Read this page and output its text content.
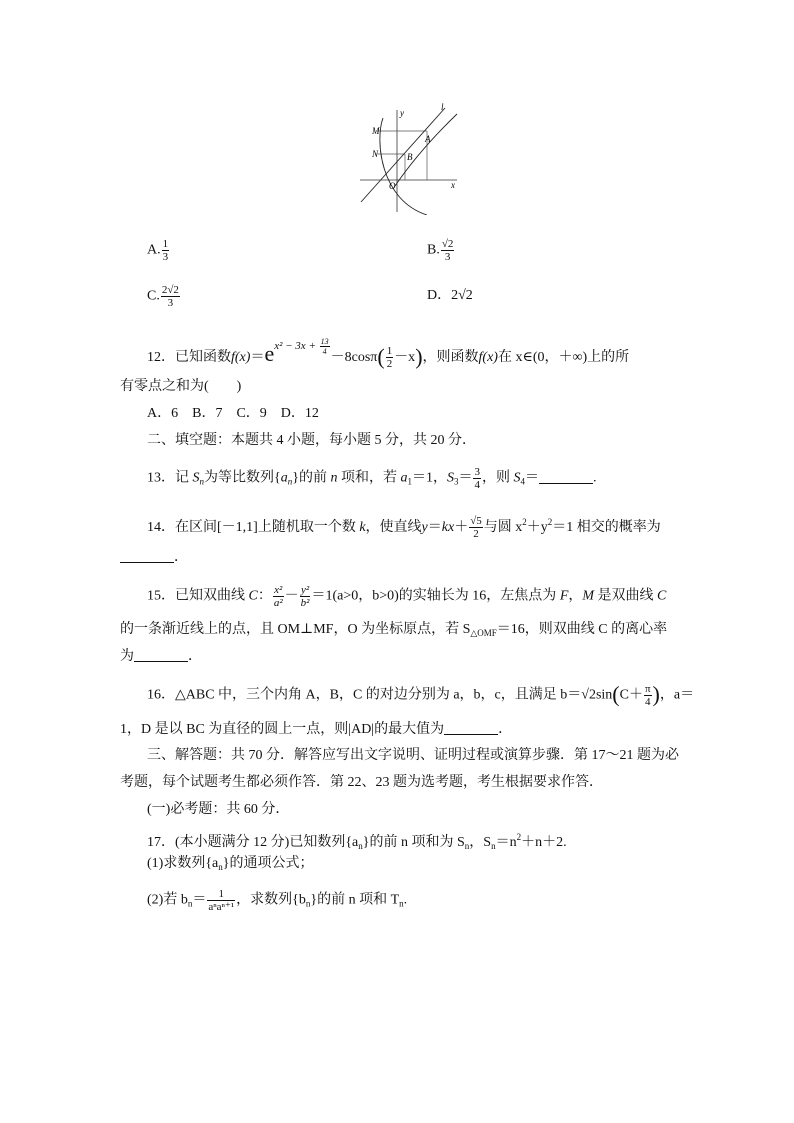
y
l
M
A
N	B
O	x
A. $\frac{1}{3}$	B. $\frac{√2}{3}$
C. $\frac{2√2}{3}$	D．2√2
12．已知函数$f(x)=e^{x^2 - 3x + \frac{13}{4}}$
$-8\cos\pi( \frac{1}{2} -x)$，则函数f(x)在 x∈(0，＋∞)上的所
有零点之和为(　　)
A．6　B．7　C．9　D．12
二、填空题：本题共 4 小题，每小题 5 分，共 20 分．
13．记 $S_n$为等比数列$\{a_n\}$的前 n 项和，若 $a_1=1$，$S_3= \frac{3}{4}$ ，则 $S_4=$	.
14．在区间[－1,1]上随机取一个数 k，使直线$y=kx+ \frac{√5}{2}$ 与圆 $x^2+y^2=1$ 相交的概率为
．
15．已知双曲线 C： $\frac{\text{x²}}{\text{a²}} - \frac{\text{y²}}{\text{b²}} =1(a>0$，b>0)的实轴长为 16，左焦点为 F，M 是双曲线 C
的一条渐近线上的点，且 OM⊥MF，O 为坐标原点，若 $S_{\triangle OMF}=16$，则双曲线 C 的离心率
为	．
16．△ABC 中，三个内角 A，B，C 的对边分别为 a，b，c，且满足 $b=√2\sin(C+ \frac{\pi}{4}$ )，a＝
1，D 是以 BC 为直径的圆上一点，则|AD|的最大值为	．
三、解答题：共 70 分．解答应写出文字说明、证明过程或演算步骤．第 17～21 题为必
考题，每个试题考生都必须作答．第 22、23 题为选考题，考生根据要求作答．
(一)必考题：共 60 分．
17．(本小题满分 12 分)已知数列$\{a_n\}$的前 n 项和为 $S_n$，$S_n=n^2+n+2$.
(1)求数列$\{a_n\}$的通项公式；
(2)若 $b_n= \frac{1}{\text{aⁿaⁿ⁺¹}}$ ，求数列$\{b_n\}$的前 n 项和 $T_n$.
